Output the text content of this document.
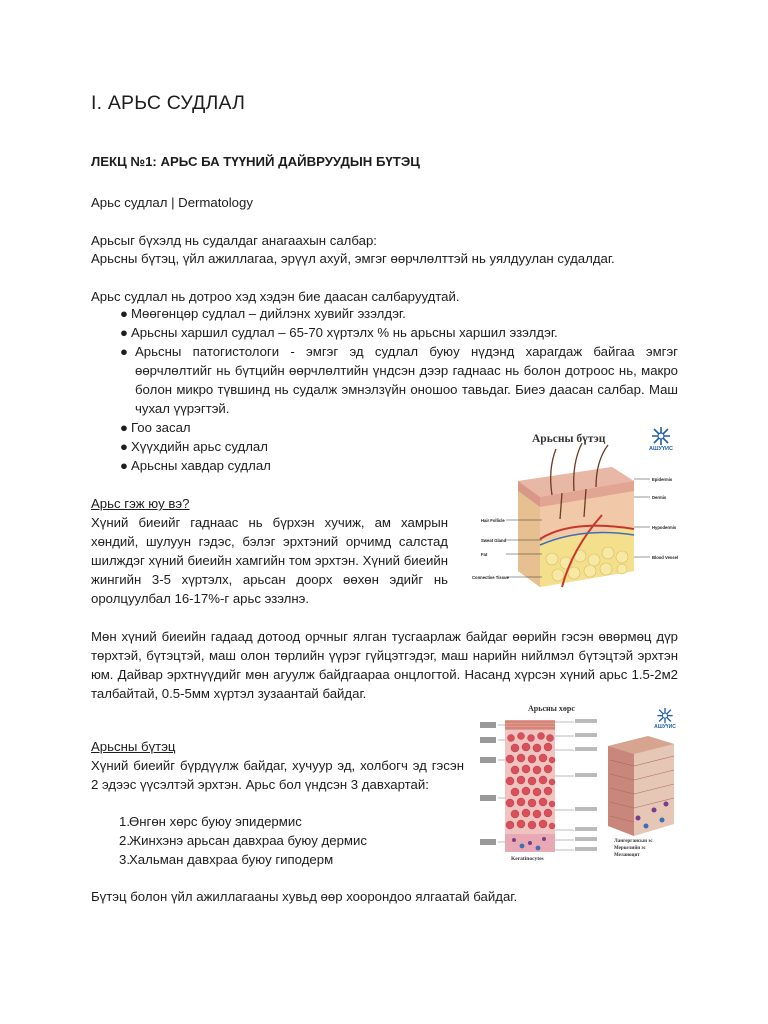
I. АРЬС СУДЛАЛ
ЛЕКЦ №1: АРЬС БА ТҮҮНИЙ ДАЙВРУУДЫН БҮТЭЦ
Арьс судлал | Dermatology
Арьсыг бүхэлд нь судалдаг анагаахын салбар:
Арьсны бүтэц, үйл ажиллагаа, эрүүл ахуй, эмгэг өөрчлөлттэй нь уялдуулан судалдаг.
Арьс судлал нь дотроо хэд хэдэн бие даасан салбаруудтай.
● Мөөгөнцөр судлал – дийлэнх хувийг эзэлдэг.
● Арьсны харшил судлал – 65-70 хүртэлх % нь арьсны харшил эзэлдэг.
● Арьсны патогистологи - эмгэг эд судлал буюу нүдэнд харагдаж байгаа эмгэг өөрчлөлтийг нь бүтцийн өөрчлөлтийн үндсэн дээр гаднаас нь болон дотроос нь, макро болон микро түвшинд нь судалж эмнэлзүйн оношоо тавьдаг. Биеэ даасан салбар. Маш чухал үүрэгтэй.
● Гоо засал
● Хүүхдийн арьс судлал
● Арьсны хавдар судлал
Арьс гэж юу вэ?
Хүний биеийг гаднаас нь бүрхэн хучиж, ам хамрын хөндий, шулуун гэдэс, бэлэг эрхтэний орчимд салстад шилждэг хүний биеийн хамгийн том эрхтэн. Хүний биеийн жингийн 3-5 хүртэлх, арьсан доорх өөхөн эдийг нь оролцуулбал 16-17%-г арьс эзэлнэ.
Мөн хүний биеийн гадаад дотоод орчныг ялган тусгаарлаж байдаг өөрийн гэсэн өвөрмөц дүр төрхтэй, бүтэцтэй, маш олон төрлийн үүрэг гүйцэтгэдэг, маш нарийн нийлмэл бүтэцтэй эрхтэн юм. Дайвар эрхтнүүдийг мөн агуулж байдгаараа онцлогтой. Насанд хүрсэн хүний арьс 1.5-2м2 талбайтай, 0.5-5мм хүртэл зузаантай байдаг.
Арьсны бүтэц
Хүний биеийг бүрдүүлж байдаг, хучуур эд, холбогч эд гэсэн 2 эдээс үүсэлтэй эрхтэн. Арьс бол үндсэн 3 давхартай:
1. Өнгөн хөрс буюу эпидермис
2. Жинхэнэ арьсан давхраа буюу дермис
3. Хальман давхраа буюу гиподерм
Бүтэц болон үйл ажиллагааны хувьд өөр хоорондоо ялгаатай байдаг.
Epidermis
Dermis
Hypodermis
Blood Vessels
Hair Follicle
Sweat Gland
Fat
Connective Tissue
Арьсны бүтэц
АШУҮИС
Арьсны хөрс
Keratinocytes
Лангергансын эс Меркелийн эс Меланоцит
АШУҮИС
